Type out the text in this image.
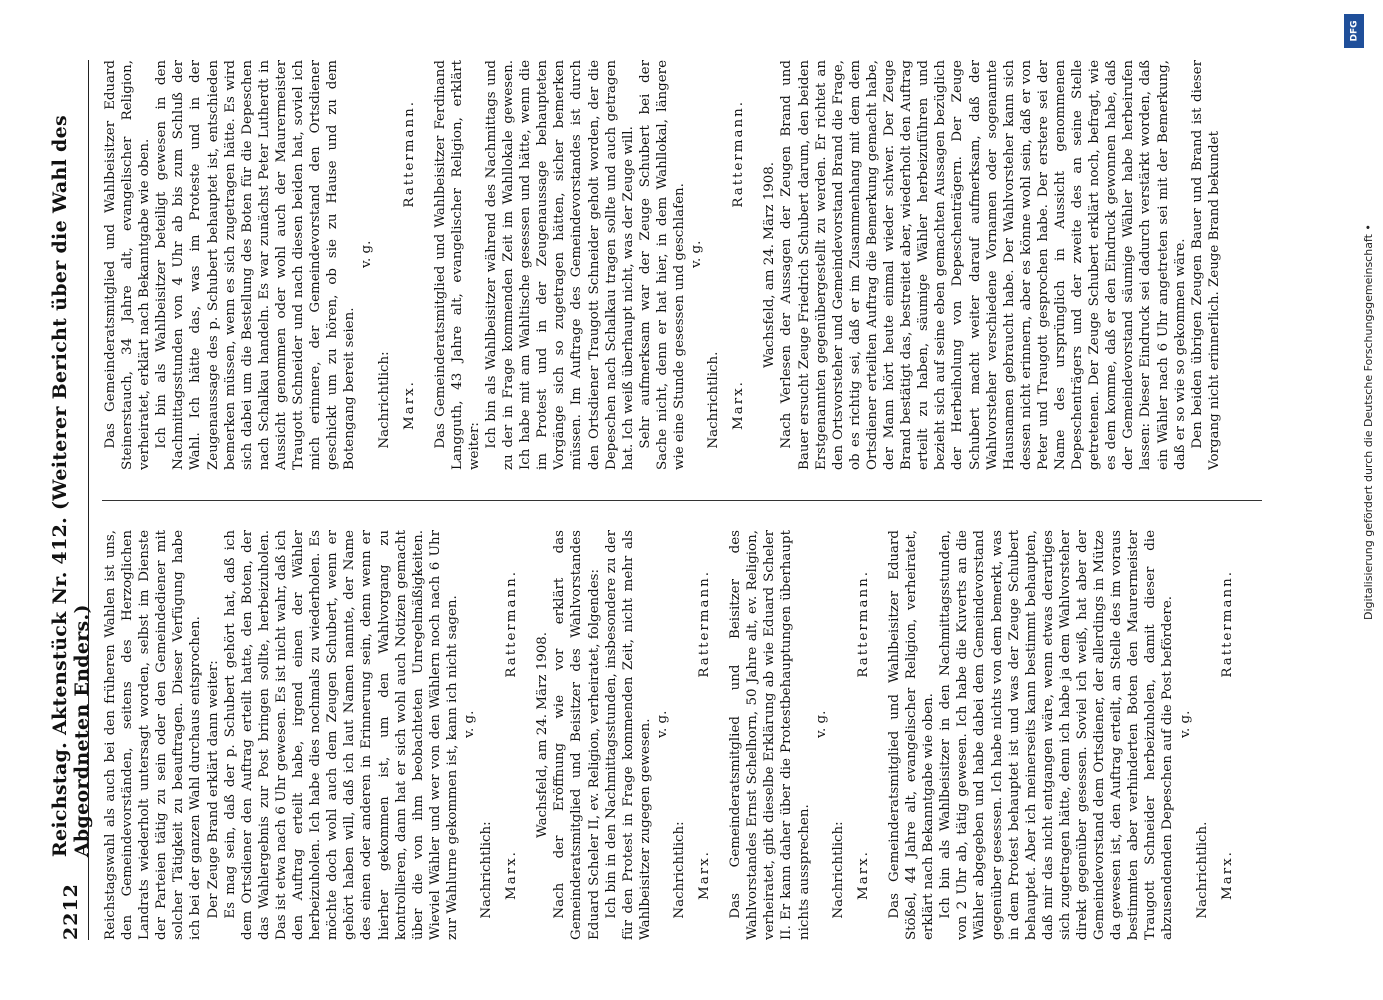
2212
Reichstag. Aktenstück Nr. 412. (Weiterer Bericht über die Wahl des Abgeordneten Enders.) Reichstagswahl als auch bei den früheren Wahlen ist uns, den Gemeindevorständen, seitens des Herzoglichen Landrats wiederholt untersagt worden, selbst im Dienste der Parteien tätig zu sein oder den Gemeindediener mit solcher Tätigkeit zu beauftragen. Dieser Verfügung habe ich bei der ganzen Wahl durchaus entsprochen. Der Zeuge Brand erklärt dann weiter: Es mag sein, daß der p. Schubert gehört hat, daß ich dem Ortsdiener den Auftrag erteilt hatte, den Boten, der das Wahlergebnis zur Post bringen sollte, herbeizuholen. Das ist etwa nach 6 Uhr gewesen. Es ist nicht wahr, daß ich den Auftrag erteilt habe, irgend einen der Wähler herbeizuholen. Ich habe dies nochmals zu wiederholen. Es möchte doch wohl auch dem Zeugen Schubert, wenn er gehört haben will, daß ich laut Namen nannte, der Name des einen oder anderen in Erinnerung sein, denn wenn er hierher gekommen ist, um den Wahlvorgang zu kontrollieren, dann hat er sich wohl auch Notizen gemacht über die von ihm beobachteten Unregelmäßigkeiten. Wieviel Wähler und wer von den Wählern noch nach 6 Uhr zur Wahlurne gekommen ist, kann ich nicht sagen. v. g.

Nachrichtlich: Marx.
Rattermann.

Wachsfeld, am 24. März 1908. Nach der Eröffnung wie vor erklärt das Gemeinderatsmitglied und Beisitzer des Wahlvorstandes Eduard Scheler II, ev. Religion, verheiratet, folgendes: Ich bin in den Nachmittagsstunden, insbesondere zu der für den Protest in Frage kommenden Zeit, nicht mehr als Wahlbeisitzer zugegen gewesen. v. g.

Nachrichtlich: Marx.
Rattermann. Das Gemeinderatsmitglied und Beisitzer des Wahlvorstandes Ernst Schelhorn, 50 Jahre alt, ev. Religion, verheiratet, gibt dieselbe Erklärung ab wie Eduard Scheler II. Er kann daher über die Protestbehauptungen überhaupt nichts aussprechen.

v. g.

Nachrichtlich: Marx.
Rattermann. Das Gemeinderatsmitglied und Wahlbeisitzer Eduard Stößel, 44 Jahre alt, evangelischer Religion, verheiratet, erklärt nach Bekanntgabe wie oben. Ich bin als Wahlbeisitzer in den Nachmittagsstunden, von 2 Uhr ab, tätig gewesen. Ich habe die Kuverts an die Wähler abgegeben und habe dabei dem Gemeindevorstand gegenüber gesessen. Ich habe nichts von dem bemerkt, was in dem Protest behauptet ist und was der Zeuge Schubert behauptet. Aber ich meinerseits kann bestimmt behaupten, daß mir das nicht entgangen wäre, wenn etwas derartiges sich zugetragen hätte, denn ich habe ja dem Wahlvorsteher direkt gegenüber gesessen. Soviel ich weiß, hat aber der Gemeindevorstand dem Ortsdiener, der allerdings in Mütze da gewesen ist, den Auftrag erteilt, an Stelle des im voraus bestimmten aber verhinderten Boten den Maurermeister Traugott Schneider herbeizuholen, damit dieser die abzusendenden Depeschen auf die Post befördere. v. g.

Nachrichtlich. Marx.
Rattermann.

Das Gemeinderatsmitglied und Wahlbeisitzer Eduard Steinerstauch, 34 Jahre alt, evangelischer Religion, verheiratet, erklärt nach Bekanntgabe wie oben. Ich bin als Wahlbeisitzer beteiligt gewesen in den Nachmittagsstunden von 4 Uhr ab bis zum Schluß der Wahl. Ich hätte das, was im Proteste und in der Zeugenaussage des p. Schubert behauptet ist, entschieden bemerken müssen, wenn es sich zugetragen hätte. Es wird sich dabei um die Bestellung des Boten für die Depeschen nach Schalkau handeln. Es war zunächst Peter Lutherdt in Aussicht genommen oder wohl auch der Maurermeister Traugott Schneider und nach diesen beiden hat, soviel ich mich erinnere, der Gemeindevorstand den Ortsdiener geschickt um zu hören, ob sie zu Hause und zu dem Botengang bereit seien.

v. g.

Nachrichtlich: Marx.
Rattermann. Das Gemeinderatsmitglied und Wahlbeisitzer Ferdinand Langguth, 43 Jahre alt, evangelischer Religion, erklärt weiter: Ich bin als Wahlbeisitzer während des Nachmittags und zu der in Frage kommenden Zeit im Wahllokale gewesen. Ich habe mit am Wahltische gesessen und hätte, wenn die im Protest und in der Zeugenaussage behaupteten Vorgänge sich so zugetragen hätten, sicher bemerken müssen. Im Auftrage des Gemeindevorstandes ist durch den Ortsdiener Traugott Schneider geholt worden, der die Depeschen nach Schalkau tragen sollte und auch getragen hat. Ich weiß überhaupt nicht, was der Zeuge will. Sehr aufmerksam war der Zeuge Schubert bei der Sache nicht, denn er hat hier, in dem Wahllokal, längere wie eine Stunde gesessen und geschlafen. v. g.

Nachrichtlich. Marx.
Rattermann.

Wachsfeld, am 24. März 1908. Nach Verlesen der Aussagen der Zeugen Brand und Bauer ersucht Zeuge Friedrich Schubert darum, den beiden Erstgenannten gegenübergestellt zu werden. Er richtet an den Ortsvorsteher und Gemeindevorstand Brand die Frage, ob es richtig sei, daß er im Zusammenhang mit dem dem Ortsdiener erteilten Auftrag die Bemerkung gemacht habe, der Mann hört heute einmal wieder schwer. Der Zeuge Brand bestätigt das, bestreitet aber, wiederholt den Auftrag erteilt zu haben, säumige Wähler herbeizuführen und bezieht sich auf seine eben gemachten Aussagen bezüglich der Herbeiholung von Depeschenträgern. Der Zeuge Schubert macht weiter darauf aufmerksam, daß der Wahlvorsteher verschiedene Vornamen oder sogenannte Hausnamen gebraucht habe. Der Wahlvorsteher kann sich dessen nicht erinnern, aber es könne wohl sein, daß er von Peter und Traugott gesprochen habe. Der erstere sei der Name des ursprünglich in Aussicht genommenen Depeschenträgers und der zweite des an seine Stelle getretenen. Der Zeuge Schubert erklärt noch, befragt, wie es dem komme, daß er den Eindruck gewonnen habe, daß der Gemeindevorstand säumige Wähler habe herbeirufen lassen: Dieser Eindruck sei dadurch verstärkt worden, daß ein Wähler nach 6 Uhr angetreten sei mit der Bemerkung, daß er so wie so gekommen wäre. Den beiden übrigen Zeugen Bauer und Brand ist dieser Vorgang nicht erinnerlich. Zeuge Brand bekundet

DFG
Digitalisierung gefördert durch die Deutsche Forschungsgemeinschaft •
